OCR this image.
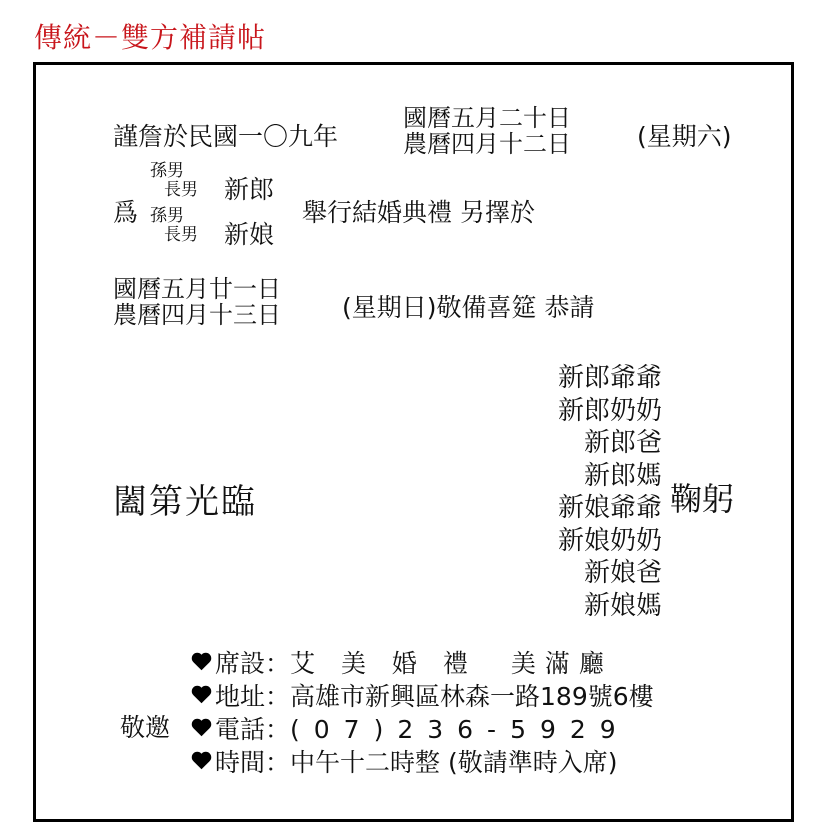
傳統－雙方補請帖
謹詹於民國一〇九年
國曆五月二十日
農曆四月十二日	(星期六)
爲
孫男
長男
孫男
長男
新郎
新娘
舉行結婚典禮 另擇於
國曆五月廿一日
農曆四月十三日 (星期日)敬備喜筵 恭請
闔第光臨
新郎爺爺
新郎奶奶
新郎爸
新郎媽
新娘爺爺
新娘奶奶
新娘爸
新娘媽
鞠躬
敬邀
席設：艾 美 婚 禮　美滿廳
地址：高雄市新興區林森一路189號6樓
電話：(07)236-5929
時間：中午十二時整 (敬請準時入席)
